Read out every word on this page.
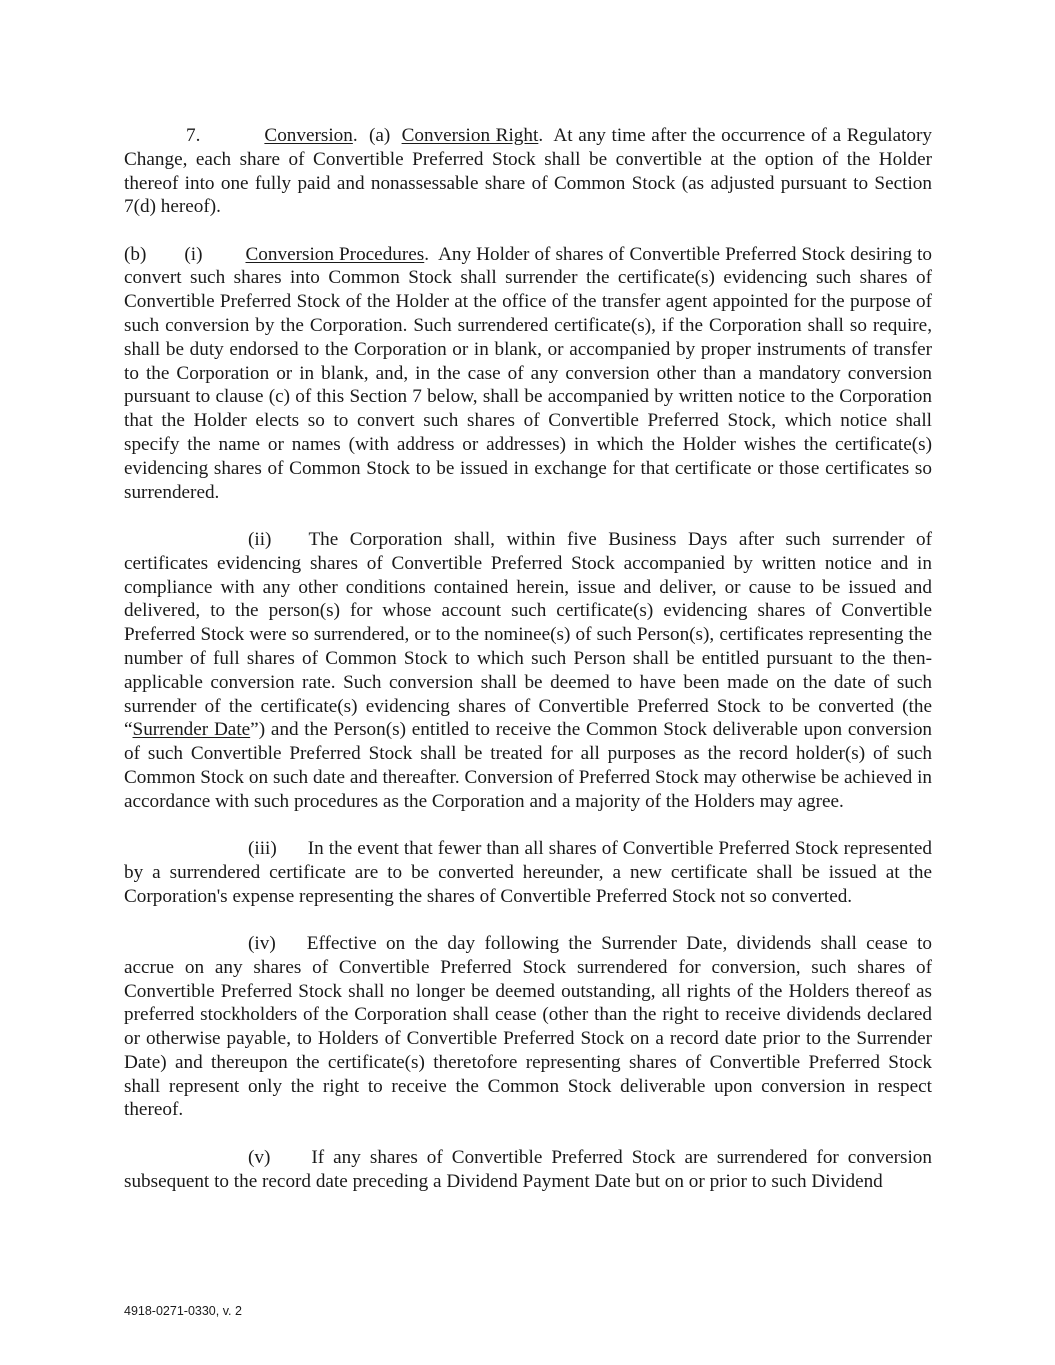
7.	Conversion.  (a) Conversion Right.  At any time after the occurrence of a Regulatory Change, each share of Convertible Preferred Stock shall be convertible at the option of the Holder thereof into one fully paid and nonassessable share of Common Stock (as adjusted pursuant to Section 7(d) hereof).

(b) (i) Conversion Procedures.  Any Holder of shares of Convertible Preferred Stock desiring to convert such shares into Common Stock shall surrender the certificate(s) evidencing such shares of Convertible Preferred Stock of the Holder at the office of the transfer agent appointed for the purpose of such conversion by the Corporation. Such surrendered certificate(s), if the Corporation shall so require, shall be duty endorsed to the Corporation or in blank, or accompanied by proper instruments of transfer to the Corporation or in blank, and, in the case of any conversion other than a mandatory conversion pursuant to clause (c) of this Section 7 below, shall be accompanied by written notice to the Corporation that the Holder elects so to convert such shares of Convertible Preferred Stock, which notice shall specify the name or names (with address or addresses) in which the Holder wishes the certificate(s) evidencing shares of Common Stock to be issued in exchange for that certificate or those certificates so surrendered.

(ii) The Corporation shall, within five Business Days after such surrender of certificates evidencing shares of Convertible Preferred Stock accompanied by written notice and in compliance with any other conditions contained herein, issue and deliver, or cause to be issued and delivered, to the person(s) for whose account such certificate(s) evidencing shares of Convertible Preferred Stock were so surrendered, or to the nominee(s) of such Person(s), certificates representing the number of full shares of Common Stock to which such Person shall be entitled pursuant to the then-applicable conversion rate. Such conversion shall be deemed to have been made on the date of such surrender of the certificate(s) evidencing shares of Convertible Preferred Stock to be converted (the “Surrender Date”) and the Person(s) entitled to receive the Common Stock deliverable upon conversion of such Convertible Preferred Stock shall be treated for all purposes as the record holder(s) of such Common Stock on such date and thereafter. Conversion of Preferred Stock may otherwise be achieved in accordance with such procedures as the Corporation and a majority of the Holders may agree.

(iii) In the event that fewer than all shares of Convertible Preferred Stock represented by a surrendered certificate are to be converted hereunder, a new certificate shall be issued at the Corporation's expense representing the shares of Convertible Preferred Stock not so converted.

(iv) Effective on the day following the Surrender Date, dividends shall cease to accrue on any shares of Convertible Preferred Stock surrendered for conversion, such shares of Convertible Preferred Stock shall no longer be deemed outstanding, all rights of the Holders thereof as preferred stockholders of the Corporation shall cease (other than the right to receive dividends declared or otherwise payable, to Holders of Convertible Preferred Stock on a record date prior to the Surrender Date) and thereupon the certificate(s) theretofore representing shares of Convertible Preferred Stock shall represent only the right to receive the Common Stock deliverable upon conversion in respect thereof.

(v) If any shares of Convertible Preferred Stock are surrendered for conversion subsequent to the record date preceding a Dividend Payment Date but on or prior to such Dividend

4918-0271-0330, v. 2
